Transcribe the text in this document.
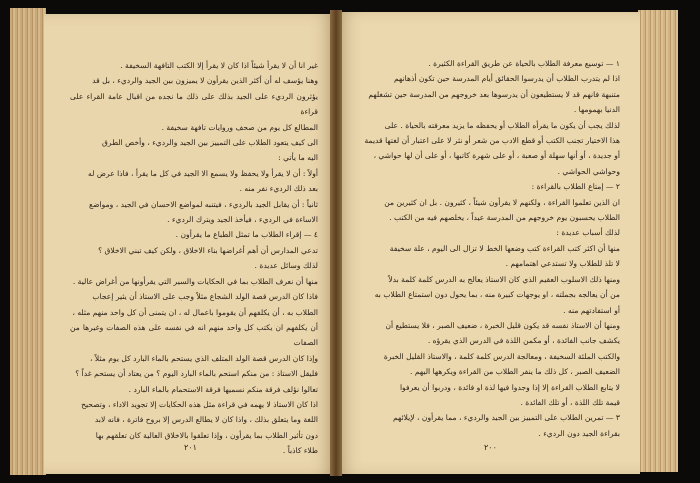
غير انا أن لا يقرأ شيئاً اذا كان لا يقرأ إلا الكتب التافهة السخيفة .

وهنا يؤسف له أن أكثر الذين يقرأون لا يميزون بين الجيد والرديء ، بل قد

يؤثرون الرديء على الجيد بذلك على ذلك ما نجده من اقبال عامة القراء على قراءة

المطالع كل يوم من صحف وروايات تافهة سخيفة .

الى كيف يتعود الطلاب على التمييز بين الجيد والرديء ، وأخص الطرق

اليه ما يأتي :

أولاً : أن لا يقرأ ولا يحفظ ولا يسمع الا الجيد في كل ما يقرأ ، فاذا عرض له

بعد ذلك الرديء نفر منه .

ثانياً : أن يقابل الجيد بالرديء ، فيتنبه لمواضع الاحسان في الجيد ، ومواضع

الاساءة في الرديء ، فيأخذ الجيد ويترك الرديء .

٤ — إقراء الطلاب ما تمثل الطباع ما يقرأون .

تدعي المدارس أن أهم أغراضها بناء الاخلاق ، ولكن كيف تبني الاخلاق ؟

لذلك وسائل عديدة .

منها أن نعرف الطلاب بما في الحكايات والسير التي يقرأونها من أغراض عالية .

فاذا كان الدرس قصة الولد الشجاع مثلاً وجب على الاستاذ أن يثير إعجاب

الطلاب به ، أن يكلفهم أن يقوموا باعمال له ، ان يتمنى أن كل واحد منهم مثله ،

أن يكلفهم ان يكتب كل واحد منهم انه في نفسه على هذه الصفات وغيرها من الصفات

وإذا كان الدرس قصة الولد المتلف الذي يستحم بالماء البارد كل يوم مثلاً ،

فليقل الاستاذ : من منكم استحم بالماء البارد اليوم ؟ من يعتاد أن يستحم غداً ؟

تعالوا نؤلف فرقة منكم نسميها فرقة الاستحمام بالماء البارد .

اذا كان الاستاذ لا يهمه في قراءة مثل هذه الحكايات إلا تجويد الاداء ، وتصحيح

اللغة وما يتعلق بذلك ، واذا كان لا يطالع الدرس إلا بروح فاترة ، فانه لابد

دون تأثير الطلاب بما يقرأون ، وإذا تعلقوا بالاخلاق العالية كان تعلقهم بها

طلاء كاذباً .

٢٠١

١ — توسيع معرفة الطلاب بالحياة عن طريق القراءة الكثيرة .

اذا لم يتدرب الطلاب أن يدرسوا الحقائق أيام المدرسة حين تكون أذهانهم

متنبهة فانهم قد لا يستطيعون أن يدرسوها بعد خروجهم من المدرسة حين تشغلهم

الدنيا بهمومها .

لذلك يجب أن يكون ما يقرأه الطلاب أو يحفظه ما يزيد معرفته بالحياة . على

هذا الاختيار تجنب الكتب أو قطع الادب من شعر أو نثر لا على اعتبار أن لغتها قديمة

أو جديدة ، أو أنها سهلة أو صعبة ، أو على شهرة كاتبها ، أو على أن لها حواشي ،

وحواشي الحواشي .

٢ — إمتاع الطلاب بالقراءة :

ان الذين تعلموا القراءة ، ولكنهم لا يقرأون شيئاً ، كثيرون . بل ان كثيرين من

الطلاب يحسبون يوم خروجهم من المدرسة عيداً ، يخلصهم فيه من الكتب .

لذلك أسباب عديدة :

منها أن اكثر كتب القراءة كتب وضعها الخط لا تزال الى اليوم ، علة سخيفة

لا تلذ للطلاب ولا تستدعي اهتمامهم .

ومنها ذلك الاسلوب العقيم الذي كان الاستاذ يعالج به الدرس كلمة كلمة بدلاً

من أن يعالجه بجملته ، او يوجهات كبيرة منه ، بما يحول دون استمتاع الطلاب به

أو استفادتهم منه .

ومنها أن الاستاذ نفسه قد يكون قليل الخبرة ، ضعيف الصبر ، فلا يستطيع أن

يكشف جانب الفائدة ، أو مكمن اللذة في الدرس الذي يقرؤه .

والكتب الملئة السخيفة ، ومعالجة الدرس كلمة كلمة ، والاستاذ القليل الخبرة

الضعيف الصبر ، كل ذلك ما ينفر الطلاب من القراءة ويكرهها اليهم .

لا يتابع الطلاب القراءة إلا إذا وجدوا فيها لذة او فائدة ، ودربوا أن يعرفوا

قيمة تلك اللذة ، أو تلك الفائدة .

٣ — تمرين الطلاب على التمييز بين الجيد والرديء ، مما يقرأون ، لإيلائهم

بقراءة الجيد دون الرديء .

٢٠٠
